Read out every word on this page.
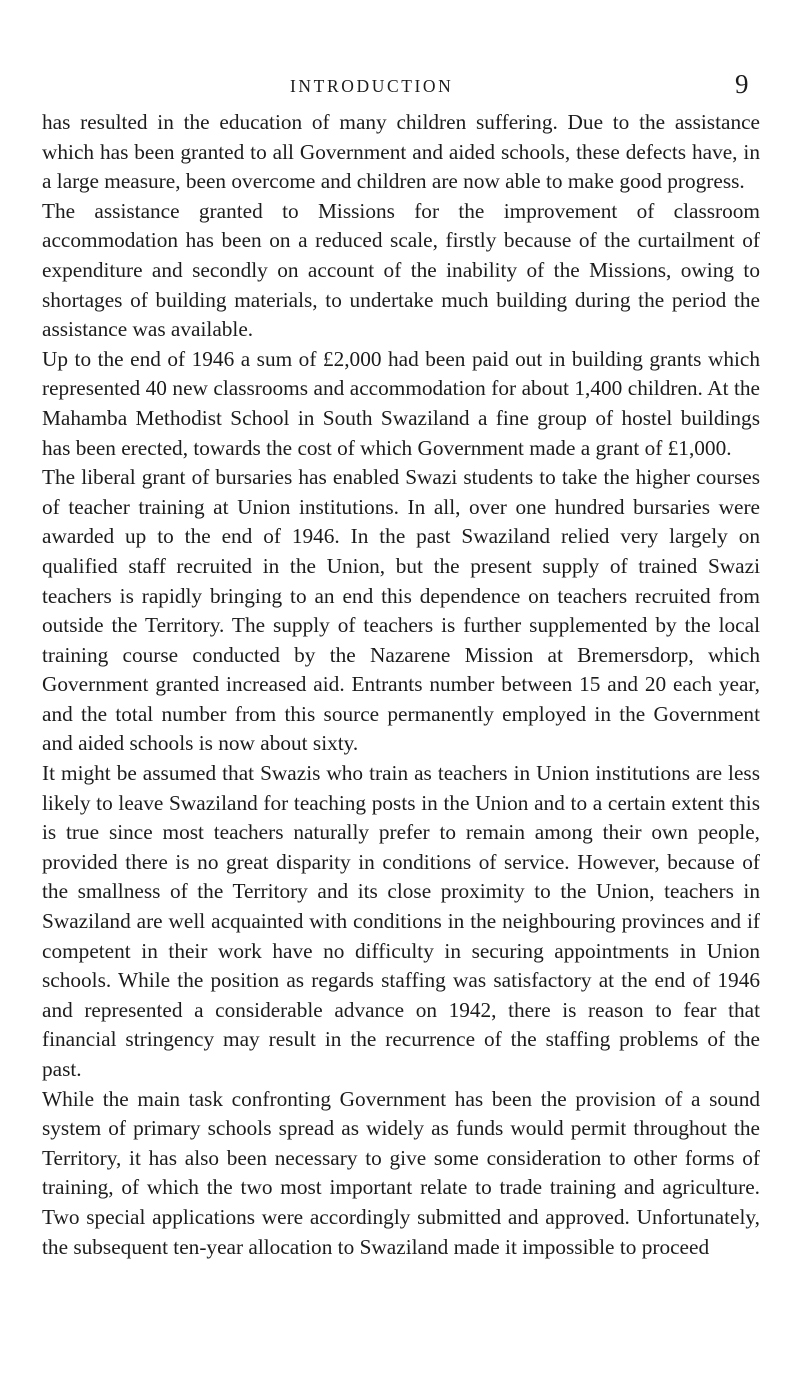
INTRODUCTION	9

has resulted in the education of many children suffering. Due to the assistance which has been granted to all Government and aided schools, these defects have, in a large measure, been overcome and children are now able to make good progress.

The assistance granted to Missions for the improvement of classroom accommodation has been on a reduced scale, firstly because of the curtailment of expenditure and secondly on account of the inability of the Missions, owing to shortages of building materials, to undertake much building during the period the assistance was available.

Up to the end of 1946 a sum of £2,000 had been paid out in building grants which represented 40 new classrooms and accommodation for about 1,400 children. At the Mahamba Methodist School in South Swaziland a fine group of hostel buildings has been erected, towards the cost of which Government made a grant of £1,000.

The liberal grant of bursaries has enabled Swazi students to take the higher courses of teacher training at Union institutions. In all, over one hundred bursaries were awarded up to the end of 1946. In the past Swaziland relied very largely on qualified staff recruited in the Union, but the present supply of trained Swazi teachers is rapidly bringing to an end this dependence on teachers recruited from outside the Territory. The supply of teachers is further supplemented by the local training course conducted by the Nazarene Mission at Bremersdorp, which Government granted increased aid. Entrants number between 15 and 20 each year, and the total number from this source permanently employed in the Government and aided schools is now about sixty.

It might be assumed that Swazis who train as teachers in Union institutions are less likely to leave Swaziland for teaching posts in the Union and to a certain extent this is true since most teachers naturally prefer to remain among their own people, provided there is no great disparity in conditions of service. However, because of the smallness of the Territory and its close proximity to the Union, teachers in Swaziland are well acquainted with conditions in the neighbouring provinces and if competent in their work have no difficulty in securing appointments in Union schools. While the position as regards staffing was satisfactory at the end of 1946 and represented a considerable advance on 1942, there is reason to fear that financial stringency may result in the recurrence of the staffing problems of the past.

While the main task confronting Government has been the provision of a sound system of primary schools spread as widely as funds would permit throughout the Territory, it has also been necessary to give some consideration to other forms of training, of which the two most important relate to trade training and agriculture. Two special applications were accordingly submitted and approved. Unfortunately, the subsequent ten-year allocation to Swaziland made it impossible to proceed
